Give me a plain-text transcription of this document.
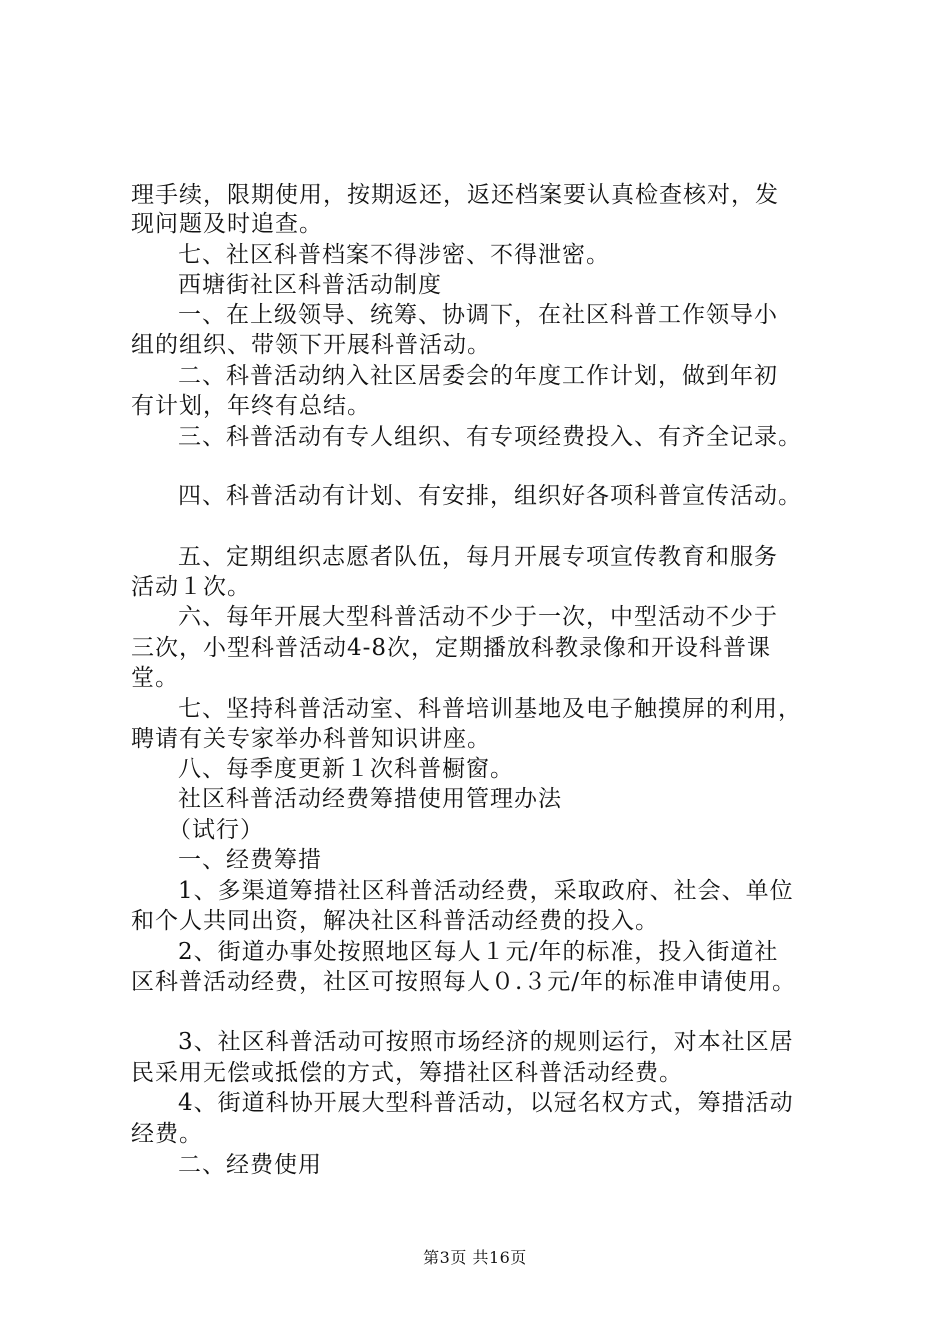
理手续，限期使用，按期返还，返还档案要认真检查核对，发
现问题及时追查。
七、社区科普档案不得涉密、不得泄密。
西塘街社区科普活动制度
一、在上级领导、统筹、协调下，在社区科普工作领导小
组的组织、带领下开展科普活动。
二、科普活动纳入社区居委会的年度工作计划，做到年初
有计划，年终有总结。
三、科普活动有专人组织、有专项经费投入、有齐全记录。
四、科普活动有计划、有安排，组织好各项科普宣传活动。
五、定期组织志愿者队伍，每月开展专项宣传教育和服务
活动１次。
六、每年开展大型科普活动不少于一次，中型活动不少于
三次，小型科普活动4-8次，定期播放科教录像和开设科普课
堂。
七、坚持科普活动室、科普培训基地及电子触摸屏的利用，
聘请有关专家举办科普知识讲座。
八、每季度更新１次科普橱窗。
社区科普活动经费筹措使用管理办法
（试行）
一、经费筹措
1、多渠道筹措社区科普活动经费，采取政府、社会、单位
和个人共同出资，解决社区科普活动经费的投入。
2、街道办事处按照地区每人１元/年的标准，投入街道社
区科普活动经费，社区可按照每人０.３元/年的标准申请使用。
3、社区科普活动可按照市场经济的规则运行，对本社区居
民采用无偿或抵偿的方式，筹措社区科普活动经费。
4、街道科协开展大型科普活动，以冠名权方式，筹措活动
经费。
二、经费使用
第3页 共16页
